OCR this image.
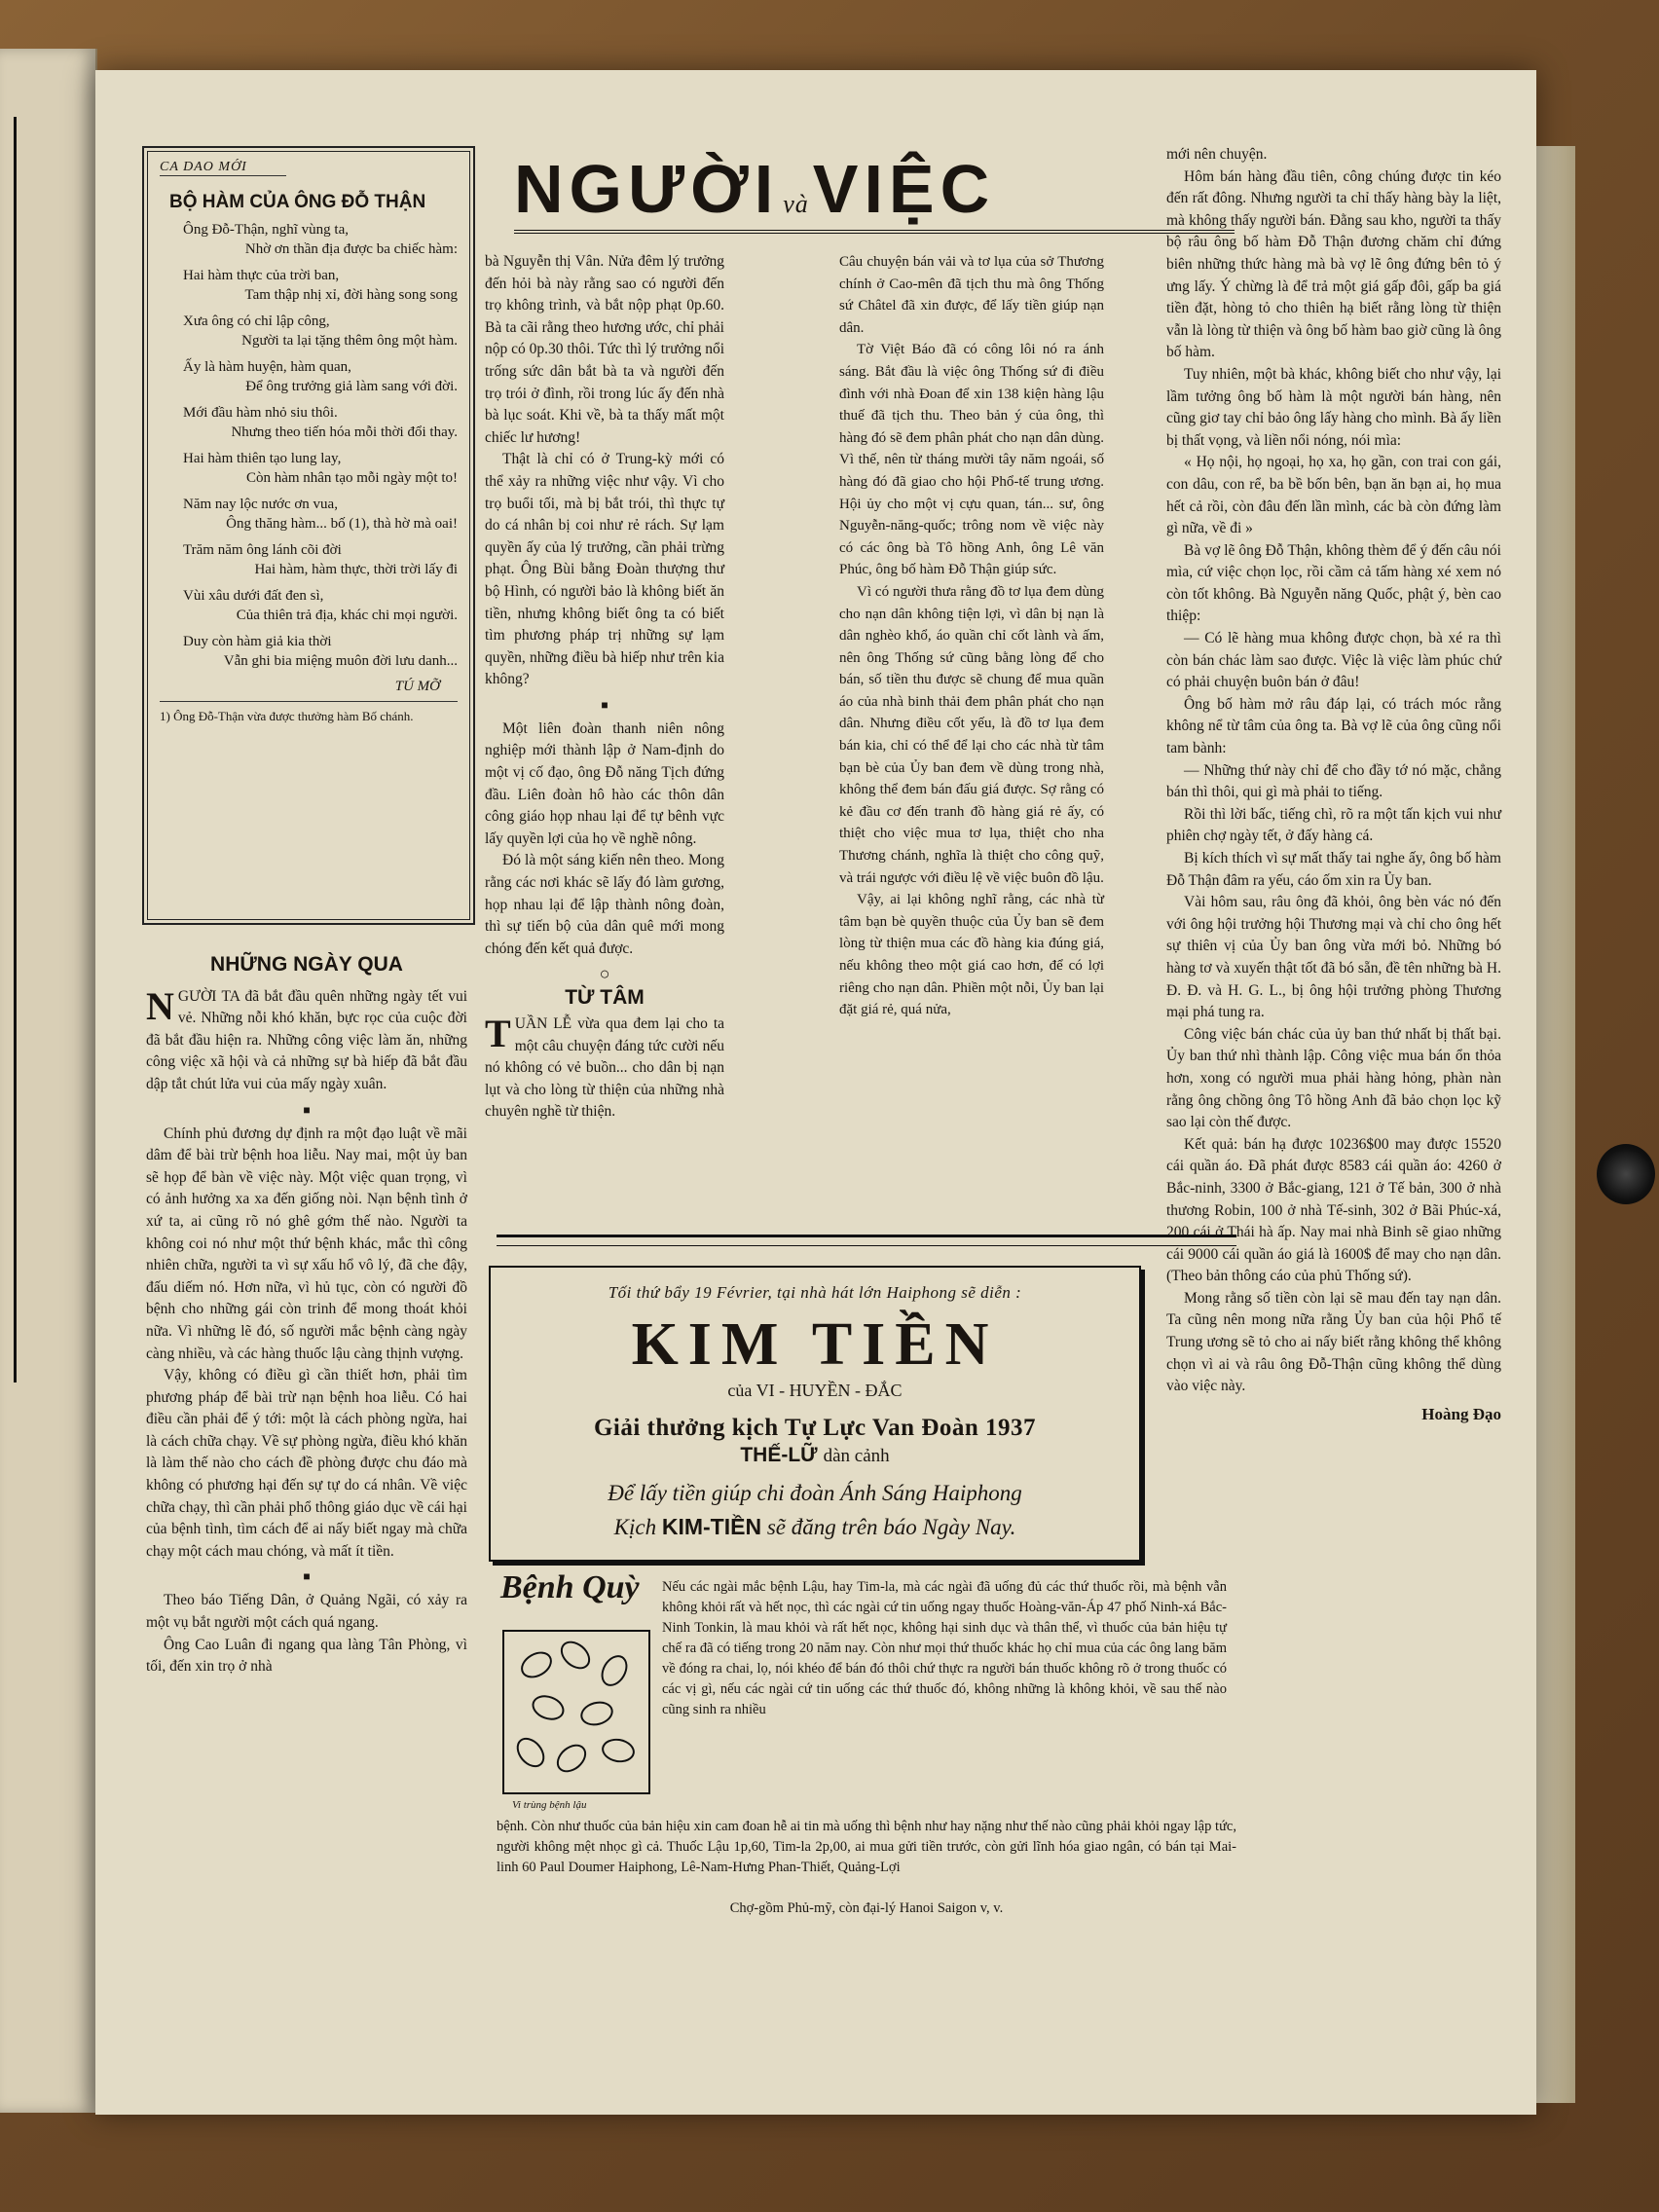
CA DAO MỚI
BỘ HÀM CỦA ÔNG ĐỖ THẬN
Ông Đỗ-Thận, nghĩ vùng ta,
Nhờ ơn thần địa được ba chiếc hàm:
Hai hàm thực của trời ban,
Tam thập nhị xỉ, đời hàng song song
Xưa ông có chỉ lập công,
Người ta lại tặng thêm ông một hàm.
Ấy là hàm huyện, hàm quan,
Để ông trưởng giả làm sang với đời.
Mới đầu hàm nhỏ siu thôi.
Nhưng theo tiến hóa mỗi thời đổi thay.
Hai hàm thiên tạo lung lay,
Còn hàm nhân tạo mỗi ngày một to!
Năm nay lộc nước ơn vua,
Ông thăng hàm... bố (1), thà hờ mà oai!
Trăm năm ông lánh cõi đời
Hai hàm, hàm thực, thời trời lấy đi
Vùi xâu dưới đất đen sì,
Của thiên trả địa, khác chi mọi người.
Duy còn hàm giả kia thời
Vẫn ghi bia miệng muôn đời lưu danh...
TÚ MỠ
1) Ông Đỗ-Thận vừa được thưởng hàm Bố chánh.
NHỮNG NGÀY QUA

NGƯỜI TA đã bắt đầu quên những ngày tết vui vẻ. Những nỗi khó khăn, bực rọc của cuộc đời đã bắt đầu hiện ra. Những công việc làm ăn, những công việc xã hội và cả những sự bà hiếp đã bắt đầu dập tắt chút lửa vui của mấy ngày xuân.

■

Chính phủ đương dự định ra một đạo luật về mãi dâm để bài trừ bệnh hoa liễu. Nay mai, một ủy ban sẽ họp để bàn về việc này. Một việc quan trọng, vì có ảnh hưởng xa xa đến giống nòi. Nạn bệnh tình ở xứ ta, ai cũng rõ nó ghê gớm thế nào. Người ta không coi nó như một thứ bệnh khác, mắc thì công nhiên chữa, người ta vì sự xấu hổ vô lý, đã che đậy, đấu diếm nó. Hơn nữa, vì hủ tục, còn có người đồ bệnh cho những gái còn trinh để mong thoát khỏi nữa. Vì những lẽ đó, số người mắc bệnh càng ngày càng nhiều, và các hàng thuốc lậu càng thịnh vượng.

Vậy, không có điều gì cần thiết hơn, phải tìm phương pháp để bài trừ nạn bệnh hoa liễu. Có hai điều cần phải để ý tới: một là cách phòng ngừa, hai là cách chữa chạy. Về sự phòng ngừa, điều khó khăn là làm thế nào cho cách đề phòng được chu đáo mà không có phương hại đến sự tự do cá nhân. Về việc chữa chạy, thì cần phải phổ thông giáo dục về cái hại của bệnh tình, tìm cách để ai nấy biết ngay mà chữa chạy một cách mau chóng, và mất ít tiền.

■

Theo báo Tiếng Dân, ở Quảng Ngãi, có xảy ra một vụ bắt người một cách quá ngang.

Ông Cao Luân đi ngang qua làng Tân Phòng, vì tối, đến xin trọ ở nhà

NGƯỜI và VIỆC

bà Nguyễn thị Vân. Nửa đêm lý trưởng đến hỏi bà này rằng sao có người đến trọ không trình, và bắt nộp phạt 0p.60. Bà ta cãi rằng theo hương ước, chỉ phải nộp có 0p.30 thôi. Tức thì lý trưởng nổi trống sức dân bắt bà ta và người đến trọ trói ở đình, rồi trong lúc ấy đến nhà bà lục soát. Khi về, bà ta thấy mất một chiếc lư hương!

Thật là chỉ có ở Trung-kỳ mới có thể xảy ra những việc như vậy. Vì cho trọ buổi tối, mà bị bắt trói, thì thực tự do cá nhân bị coi như rẻ rách. Sự lạm quyền ấy của lý trưởng, cần phải trừng phạt. Ông Bùi bằng Đoàn thượng thư bộ Hình, có người bảo là không biết ăn tiền, nhưng không biết ông ta có biết tìm phương pháp trị những sự lạm quyền, những điều bà hiếp như trên kia không?

■

Một liên đoàn thanh niên nông nghiệp mới thành lập ở Nam-định do một vị cố đạo, ông Đỗ năng Tịch đứng đầu. Liên đoàn hô hào các thôn dân công giáo họp nhau lại để tự bênh vực lấy quyền lợi của họ về nghề nông.

Đó là một sáng kiến nên theo. Mong rằng các nơi khác sẽ lấy đó làm gương, họp nhau lại để lập thành nông đoàn, thì sự tiến bộ của dân quê mới mong chóng đến kết quả được.

○
TỪ TÂM

TUẦN LỄ vừa qua đem lại cho ta một câu chuyện đáng tức cười nếu nó không có vẻ buồn... cho dân bị nạn lụt và cho lòng từ thiện của những nhà chuyên nghề từ thiện.

Câu chuyện bán vải và tơ lụa của sở Thương chính ở Cao-mên đã tịch thu mà ông Thống sứ Châtel đã xin được, để lấy tiền giúp nạn dân.

Tờ Việt Báo đã có công lôi nó ra ánh sáng. Bắt đầu là việc ông Thống sứ đi điều đình với nhà Đoan để xin 138 kiện hàng lậu thuế đã tịch thu. Theo bản ý của ông, thì hàng đó sẽ đem phân phát cho nạn dân dùng. Vì thế, nên từ tháng mười tây năm ngoái, số hàng đó đã giao cho hội Phổ-tế trung ương. Hội ủy cho một vị cựu quan, tán... sư, ông Nguyễn-năng-quốc; trông nom về việc này có các ông bà Tô hồng Anh, ông Lê văn Phúc, ông bố hàm Đỗ Thận giúp sức.

Vì có người thưa rằng đồ tơ lụa đem dùng cho nạn dân không tiện lợi, vì dân bị nạn là dân nghèo khổ, áo quần chỉ cốt lành và ấm, nên ông Thống sứ cũng bằng lòng để cho bán, số tiền thu được sẽ chung để mua quần áo của nhà binh thải đem phân phát cho nạn dân. Nhưng điều cốt yếu, là đồ tơ lụa đem bán kia, chỉ có thể để lại cho các nhà từ tâm bạn bè của Ủy ban đem về dùng trong nhà, không thể đem bán đấu giá được. Sợ rằng có kẻ đầu cơ đến tranh đồ hàng giá rẻ ấy, có thiệt cho việc mua tơ lụa, thiệt cho nha Thương chánh, nghĩa là thiệt cho công quỹ, và trái ngược với điều lệ về việc buôn đồ lậu.

Vậy, ai lại không nghĩ rằng, các nhà từ tâm bạn bè quyền thuộc của Ủy ban sẽ đem lòng từ thiện mua các đồ hàng kia đúng giá, nếu không theo một giá cao hơn, để có lợi riêng cho nạn dân. Phiền một nỗi, Ủy ban lại đặt giá rẻ, quá nửa,

mới nên chuyện.

Hôm bán hàng đầu tiên, công chúng được tin kéo đến rất đông. Nhưng người ta chỉ thấy hàng bày la liệt, mà không thấy người bán. Đằng sau kho, người ta thấy bộ râu ông bố hàm Đỗ Thận đương chăm chỉ đứng biên những thức hàng mà bà vợ lẽ ông đứng bên tỏ ý ưng lấy. Ý chừng là để trả một giá gấp đôi, gấp ba giá tiền đặt, hòng tỏ cho thiên hạ biết rằng lòng từ thiện vẫn là lòng từ thiện và ông bố hàm bao giờ cũng là ông bố hàm.

Tuy nhiên, một bà khác, không biết cho như vậy, lại lầm tưởng ông bố hàm là một người bán hàng, nên cũng giơ tay chỉ bảo ông lấy hàng cho mình. Bà ấy liền bị thất vọng, và liền nổi nóng, nói mìa:

« Họ nội, họ ngoại, họ xa, họ gần, con trai con gái, con dâu, con rể, ba bề bốn bên, bạn ăn bạn ai, họ mua hết cả rồi, còn đâu đến lần mình, các bà còn đứng làm gì nữa, về đi »

Bà vợ lẽ ông Đỗ Thận, không thèm để ý đến câu nói mìa, cứ việc chọn lọc, rồi cầm cả tấm hàng xé xem nó còn tốt không. Bà Nguyễn năng Quốc, phật ý, bèn cao thiệp:

— Có lẽ hàng mua không được chọn, bà xé ra thì còn bán chác làm sao được. Việc là việc làm phúc chứ có phải chuyện buôn bán ở đâu!

Ông bố hàm mở râu đáp lại, có trách móc rằng không nể từ tâm của ông ta. Bà vợ lẽ của ông cũng nổi tam bành:

— Những thứ này chỉ để cho đầy tớ nó mặc, chẳng bán thì thôi, qui gì mà phải to tiếng.

Rồi thì lời bấc, tiếng chì, rõ ra một tấn kịch vui như phiên chợ ngày tết, ở đấy hàng cá.

Bị kích thích vì sự mất thấy tai nghe ấy, ông bố hàm Đỗ Thận đâm ra yếu, cáo ốm xin ra Ủy ban.

Vài hôm sau, râu ông đã khỏi, ông bèn vác nó đến với ông hội trưởng hội Thương mại và chỉ cho ông hết sự thiên vị của Ủy ban ông vừa mới bỏ. Những bó hàng tơ và xuyến thật tốt đã bó sẵn, đề tên những bà H. Đ. Đ. và H. G. L., bị ông hội trưởng phòng Thương mại phá tung ra.

Công việc bán chác của ủy ban thứ nhất bị thất bại. Ủy ban thứ nhì thành lập. Công việc mua bán ổn thỏa hơn, xong có người mua phải hàng hỏng, phàn nàn rằng ông chồng ông Tô hồng Anh đã bảo chọn lọc kỹ sao lại còn thế được.

Kết quả: bán hạ được 10236$00 may được 15520 cái quần áo. Đã phát được 8583 cái quần áo: 4260 ở Bắc-ninh, 3300 ở Bắc-giang, 121 ở Tế bản, 300 ở nhà thương Robin, 100 ở nhà Tế-sinh, 302 ở Bãi Phúc-xá, 200 cái ở Thái hà ấp. Nay mai nhà Binh sẽ giao những cái 9000 cái quần áo giá là 1600$ để may cho nạn dân. (Theo bản thông cáo của phủ Thống sứ).

Mong rằng số tiền còn lại sẽ mau đến tay nạn dân. Ta cũng nên mong nữa rằng Ủy ban của hội Phổ tế Trung ương sẽ tỏ cho ai nấy biết rằng không thể không chọn vì ai và râu ông Đỗ-Thận cũng không thể dùng vào việc này.

Hoàng Đạo
Tối thứ bẩy 19 Février, tại nhà hát lớn Haiphong sẽ diễn :
KIM TIỀN
của VI - HUYỀN - ĐẮC
Giải thưởng kịch Tự Lực Van Đoàn 1937
THẾ-LỮ dàn cảnh
Để lấy tiền giúp chi đoàn Ánh Sáng Haiphong
Kịch KIM-TIỀN sẽ đăng trên báo Ngày Nay.
Bệnh Quỳ
Vi trùng bệnh lậu
Nếu các ngài mắc bệnh Lậu, hay Tim-la, mà các ngài đã uống đủ các thứ thuốc rồi, mà bệnh vẫn không khỏi rất và hết nọc, thì các ngài cứ tin uống ngay thuốc Hoàng-văn-Áp 47 phố Ninh-xá Bắc-Ninh Tonkin, là mau khỏi và rất hết nọc, không hại sinh dục và thân thể, vì thuốc của bản hiệu tự chế ra đã có tiếng trong 20 năm nay. Còn như mọi thứ thuốc khác họ chỉ mua của các ông lang băm về đóng ra chai, lọ, nói khéo để bán đó thôi chứ thực ra người bán thuốc không rõ ở trong thuốc có các vị gì, nếu các ngài cứ tin uống các thứ thuốc đó, không những là không khỏi, về sau thế nào cũng sinh ra nhiều
bệnh. Còn như thuốc của bản hiệu xin cam đoan hễ ai tin mà uống thì bệnh như hay nặng như thế nào cũng phải khỏi ngay lập tức, người không mệt nhọc gì cả. Thuốc Lậu 1p,60, Tim-la 2p,00, ai mua gửi tiền trước, còn gửi lĩnh hóa giao ngân, có bán tại Mai-linh 60 Paul Doumer Haiphong, Lê-Nam-Hưng Phan-Thiết, Quảng-Lợi
Chợ-gồm Phủ-mỹ, còn đại-lý Hanoi Saigon v, v.
